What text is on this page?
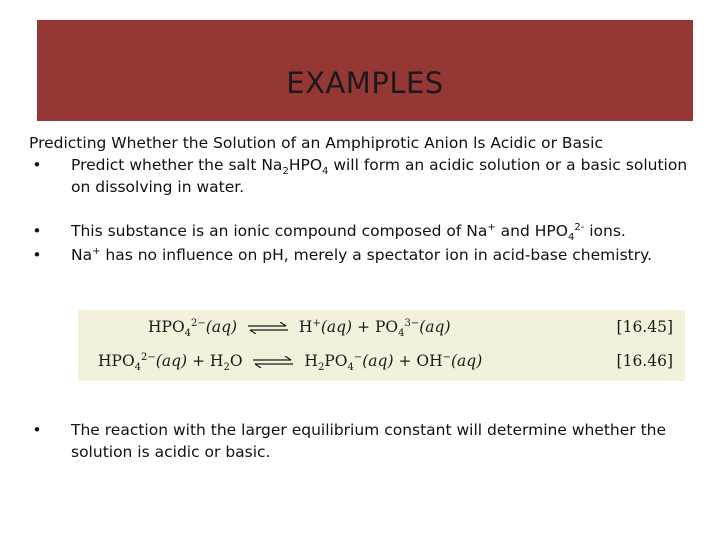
EXAMPLES

Predicting Whether the Solution of an Amphiprotic Anion ls Acidic or Basic

• Predict whether the salt $Na_2HPO_4$ will form an acidic solution or a basic solution on dissolving in water.

• This substance is an ionic compound composed of Na+ and $HPO_4^{2-}$ ions.

• Na+ has no influence on pH, merely a spectator ion in acid-base chemistry.

$HPO_4^{2-}(aq)$ ⇌ $H^+(aq) + PO_4^{3-}(aq)$	[16.45]
$HPO_4^{2-}(aq) + H_2O$ ⇌ $H_2PO_4^-(aq) + OH^-(aq)$	[16.46]

• The reaction with the larger equilibrium constant will determine whether the solution is acidic or basic.
